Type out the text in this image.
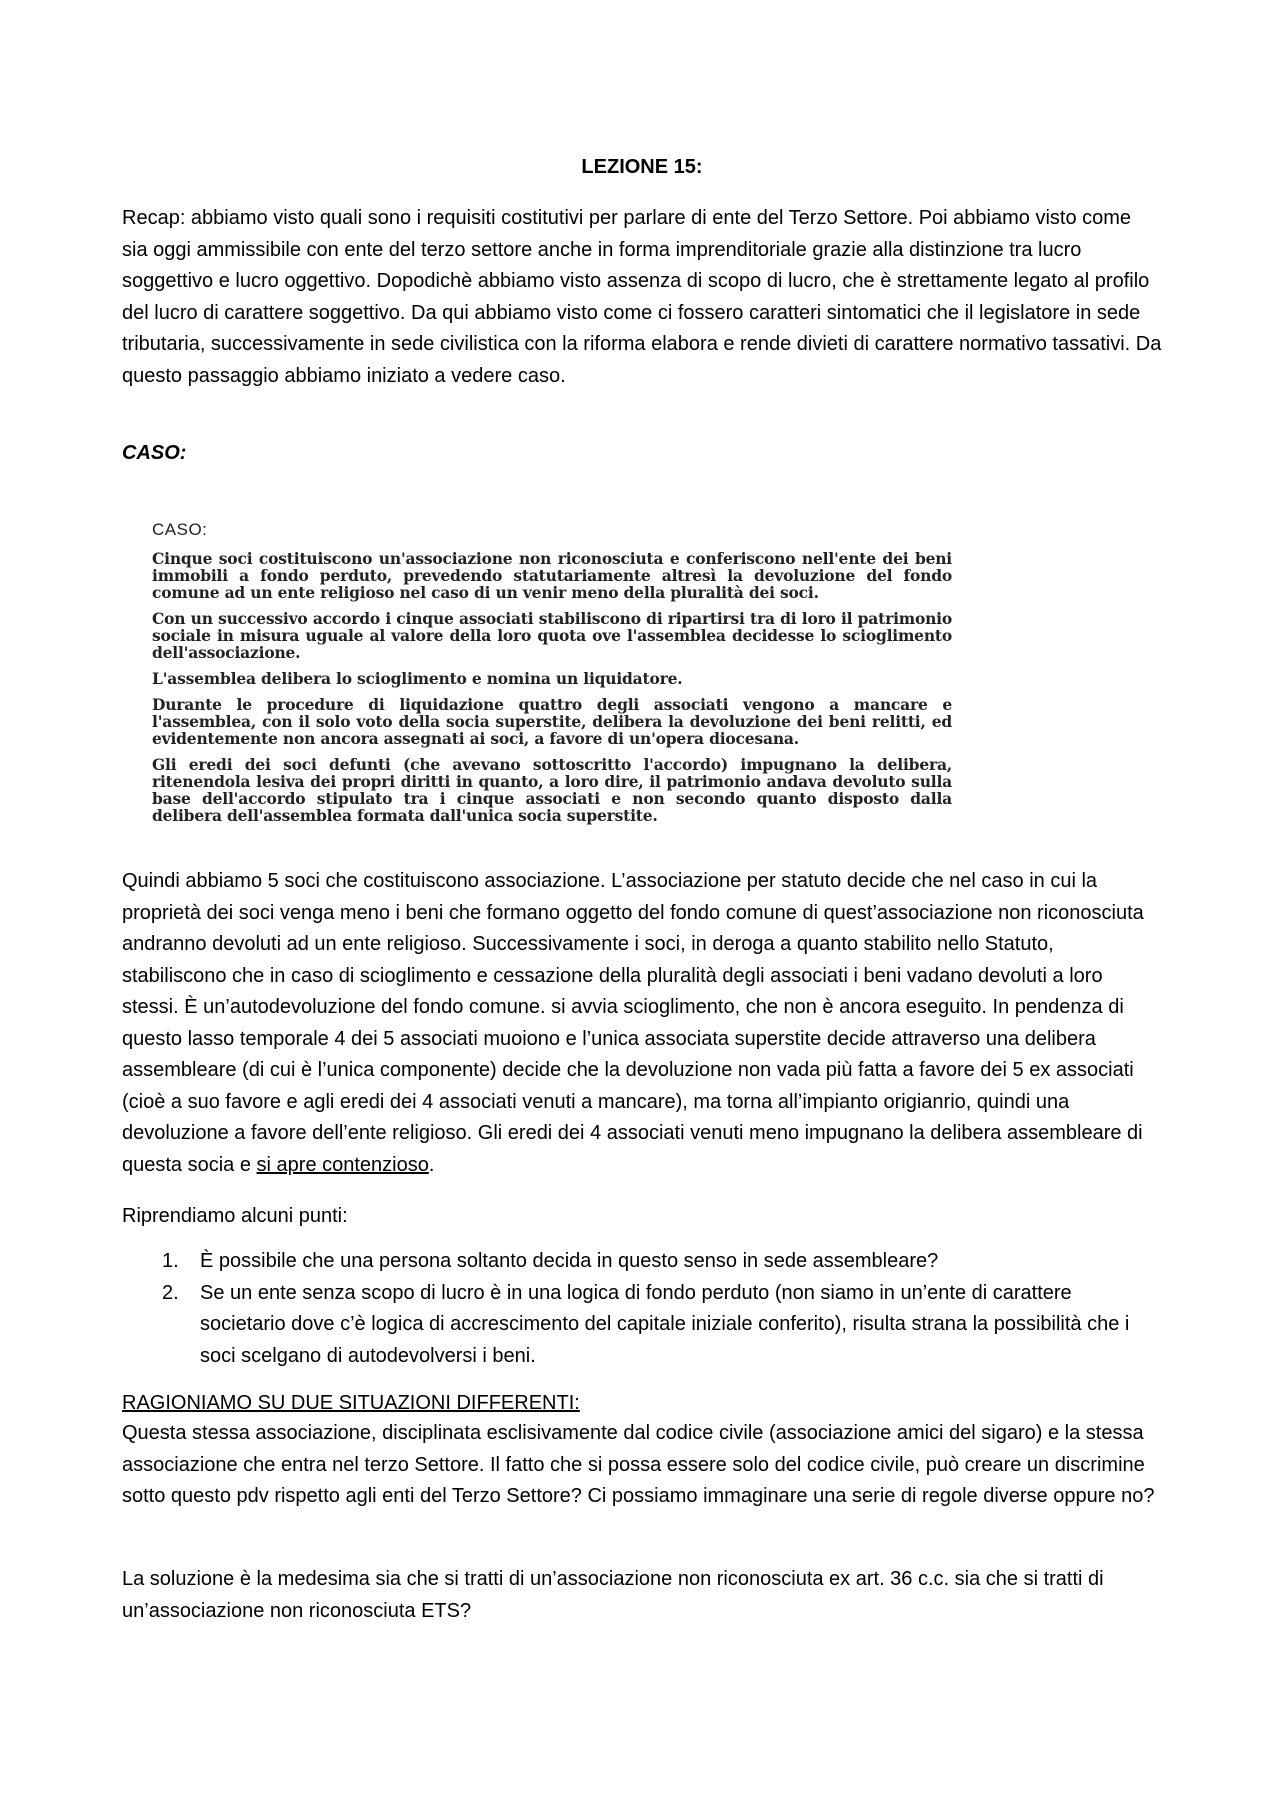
LEZIONE 15:

Recap: abbiamo visto quali sono i requisiti costitutivi per parlare di ente del Terzo Settore. Poi abbiamo visto come sia oggi ammissibile con ente del terzo settore anche in forma imprenditoriale grazie alla distinzione tra lucro soggettivo e lucro oggettivo. Dopodichè abbiamo visto assenza di scopo di lucro, che è strettamente legato al profilo del lucro di carattere soggettivo. Da qui abbiamo visto come ci fossero caratteri sintomatici che il legislatore in sede tributaria, successivamente in sede civilistica con la riforma elabora e rende divieti di carattere normativo tassativi. Da questo passaggio abbiamo iniziato a vedere caso.

CASO:
CASO:

Cinque soci costituiscono un'associazione non riconosciuta e conferiscono nell'ente dei beni immobili a fondo perduto, prevedendo statutariamente altresì la devoluzione del fondo comune ad un ente religioso nel caso di un venir meno della pluralità dei soci.

Con un successivo accordo i cinque associati stabiliscono di ripartirsi tra di loro il patrimonio sociale in misura uguale al valore della loro quota ove l'assemblea decidesse lo scioglimento dell'associazione.

L'assemblea delibera lo scioglimento e nomina un liquidatore.

Durante le procedure di liquidazione quattro degli associati vengono a mancare e l'assemblea, con il solo voto della socia superstite, delibera la devoluzione dei beni relitti, ed evidentemente non ancora assegnati ai soci, a favore di un'opera diocesana.

Gli eredi dei soci defunti (che avevano sottoscritto l'accordo) impugnano la delibera, ritenendola lesiva dei propri diritti in quanto, a loro dire, il patrimonio andava devoluto sulla base dell'accordo stipulato tra i cinque associati e non secondo quanto disposto dalla delibera dell'assemblea formata dall'unica socia superstite.

Quindi abbiamo 5 soci che costituiscono associazione. L’associazione per statuto decide che nel caso in cui la proprietà dei soci venga meno i beni che formano oggetto del fondo comune di quest’associazione non riconosciuta andranno devoluti ad un ente religioso. Successivamente i soci, in deroga a quanto stabilito nello Statuto, stabiliscono che in caso di scioglimento e cessazione della pluralità degli associati i beni vadano devoluti a loro stessi. È un’autodevoluzione del fondo comune. si avvia scioglimento, che non è ancora eseguito. In pendenza di questo lasso temporale 4 dei 5 associati muoiono e l’unica associata superstite decide attraverso una delibera assembleare (di cui è l’unica componente) decide che la devoluzione non vada più fatta a favore dei 5 ex associati (cioè a suo favore e agli eredi dei 4 associati venuti a mancare), ma torna all’impianto origianrio, quindi una devoluzione a favore dell’ente religioso. Gli eredi dei 4 associati venuti meno impugnano la delibera assembleare di questa socia e si apre contenzioso.

Riprendiamo alcuni punti:

1. È possibile che una persona soltanto decida in questo senso in sede assembleare?
2. Se un ente senza scopo di lucro è in una logica di fondo perduto (non siamo in un’ente di carattere societario dove c’è logica di accrescimento del capitale iniziale conferito), risulta strana la possibilità che i soci scelgano di autodevolversi i beni.
RAGIONIAMO SU DUE SITUAZIONI DIFFERENTI:

Questa stessa associazione, disciplinata esclisivamente dal codice civile (associazione amici del sigaro) e la stessa associazione che entra nel terzo Settore. Il fatto che si possa essere solo del codice civile, può creare un discrimine sotto questo pdv rispetto agli enti del Terzo Settore? Ci possiamo immaginare una serie di regole diverse oppure no?

La soluzione è la medesima sia che si tratti di un’associazione non riconosciuta ex art. 36 c.c. sia che si tratti di un’associazione non riconosciuta ETS?
